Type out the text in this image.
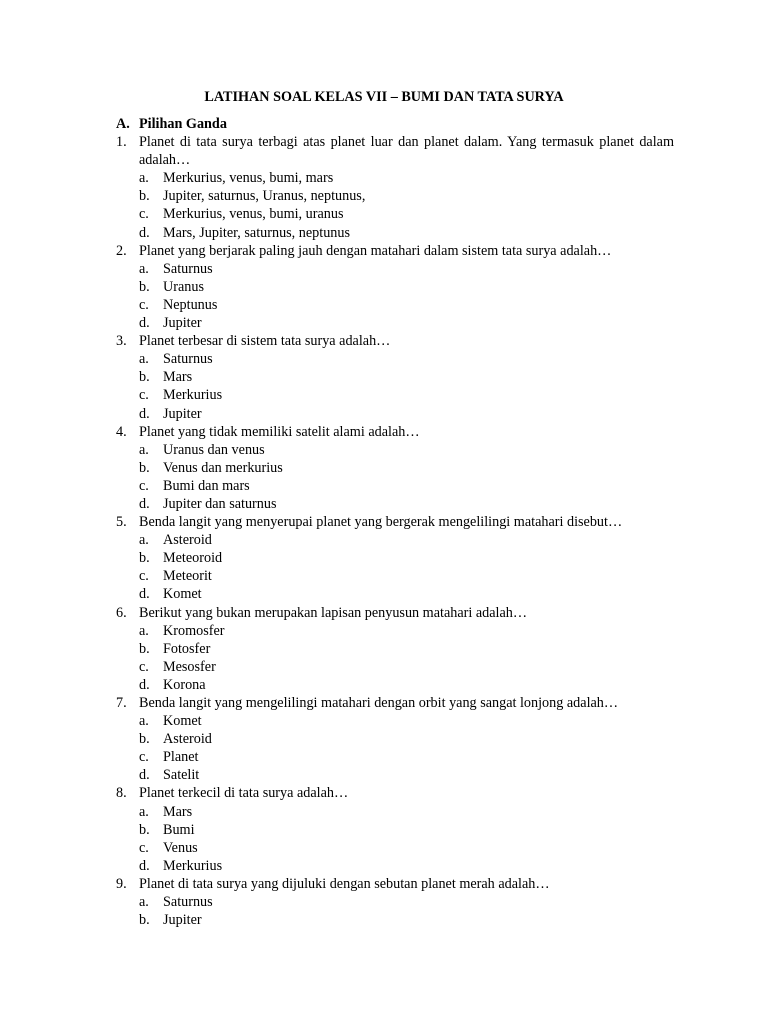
LATIHAN SOAL KELAS VII – BUMI DAN TATA SURYA
A. Pilihan Ganda
1. Planet di tata surya terbagi atas planet luar dan planet dalam. Yang termasuk planet dalam adalah…
a. Merkurius, venus, bumi, mars
b. Jupiter, saturnus, Uranus, neptunus,
c. Merkurius, venus, bumi, uranus
d. Mars, Jupiter, saturnus, neptunus
2. Planet yang berjarak paling jauh dengan matahari dalam sistem tata surya adalah…
a. Saturnus
b. Uranus
c. Neptunus
d. Jupiter
3. Planet terbesar di sistem tata surya adalah…
a. Saturnus
b. Mars
c. Merkurius
d. Jupiter
4. Planet yang tidak memiliki satelit alami adalah…
a. Uranus dan venus
b. Venus dan merkurius
c. Bumi dan mars
d. Jupiter dan saturnus
5. Benda langit yang menyerupai planet yang bergerak mengelilingi matahari disebut…
a. Asteroid
b. Meteoroid
c. Meteorit
d. Komet
6. Berikut yang bukan merupakan lapisan penyusun matahari adalah…
a. Kromosfer
b. Fotosfer
c. Mesosfer
d. Korona
7. Benda langit yang mengelilingi matahari dengan orbit yang sangat lonjong adalah…
a. Komet
b. Asteroid
c. Planet
d. Satelit
8. Planet terkecil di tata surya adalah…
a. Mars
b. Bumi
c. Venus
d. Merkurius
9. Planet di tata surya yang dijuluki dengan sebutan planet merah adalah…
a. Saturnus
b. Jupiter
